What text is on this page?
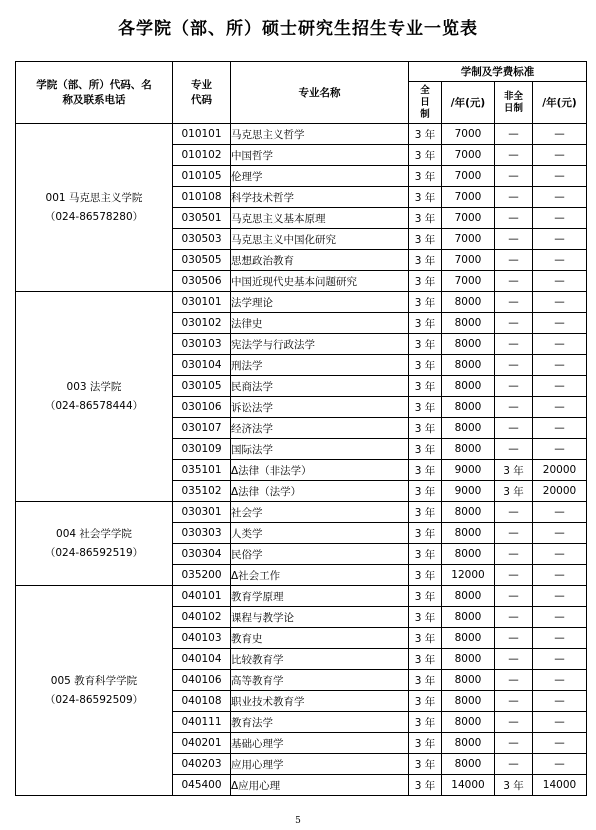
各学院（部、所）硕士研究生招生专业一览表
学院（部、所）代码、名称及联系电话	专业代码	专业名称	学制及学费标准			
			全日制	/年(元)	非全日制	/年(元)

001 马克思主义学院
（024-86578280）	010101	马克思主义哲学	3 年	7000	—	—
	010102	中国哲学	3 年	7000	—	—
	010105	伦理学	3 年	7000	—	—
	010108	科学技术哲学	3 年	7000	—	—
	030501	马克思主义基本原理	3 年	7000	—	—
	030503	马克思主义中国化研究	3 年	7000	—	—
	030505	思想政治教育	3 年	7000	—	—
	030506	中国近现代史基本问题研究	3 年	7000	—	—

003 法学院
（024-86578444）	030101	法学理论	3 年	8000	—	—
	030102	法律史	3 年	8000	—	—
	030103	宪法学与行政法学	3 年	8000	—	—
	030104	刑法学	3 年	8000	—	—
	030105	民商法学	3 年	8000	—	—
	030106	诉讼法学	3 年	8000	—	—
	030107	经济法学	3 年	8000	—	—
	030109	国际法学	3 年	8000	—	—
	035101	Δ法律（非法学）	3 年	9000	3 年	20000
	035102	Δ法律（法学）	3 年	9000	3 年	20000

004 社会学学院
（024-86592519）	030301	社会学	3 年	8000	—	—
	030303	人类学	3 年	8000	—	—
	030304	民俗学	3 年	8000	—	—
	035200	Δ社会工作	3 年	12000	—	—

005 教育科学学院
（024-86592509）	040101	教育学原理	3 年	8000	—	—
	040102	课程与教学论	3 年	8000	—	—
	040103	教育史	3 年	8000	—	—
	040104	比较教育学	3 年	8000	—	—
	040106	高等教育学	3 年	8000	—	—
	040108	职业技术教育学	3 年	8000	—	—
	040111	教育法学	3 年	8000	—	—
	040201	基础心理学	3 年	8000	—	—
	040203	应用心理学	3 年	8000	—	—
	045400	Δ应用心理	3 年	14000	3 年	14000
5
